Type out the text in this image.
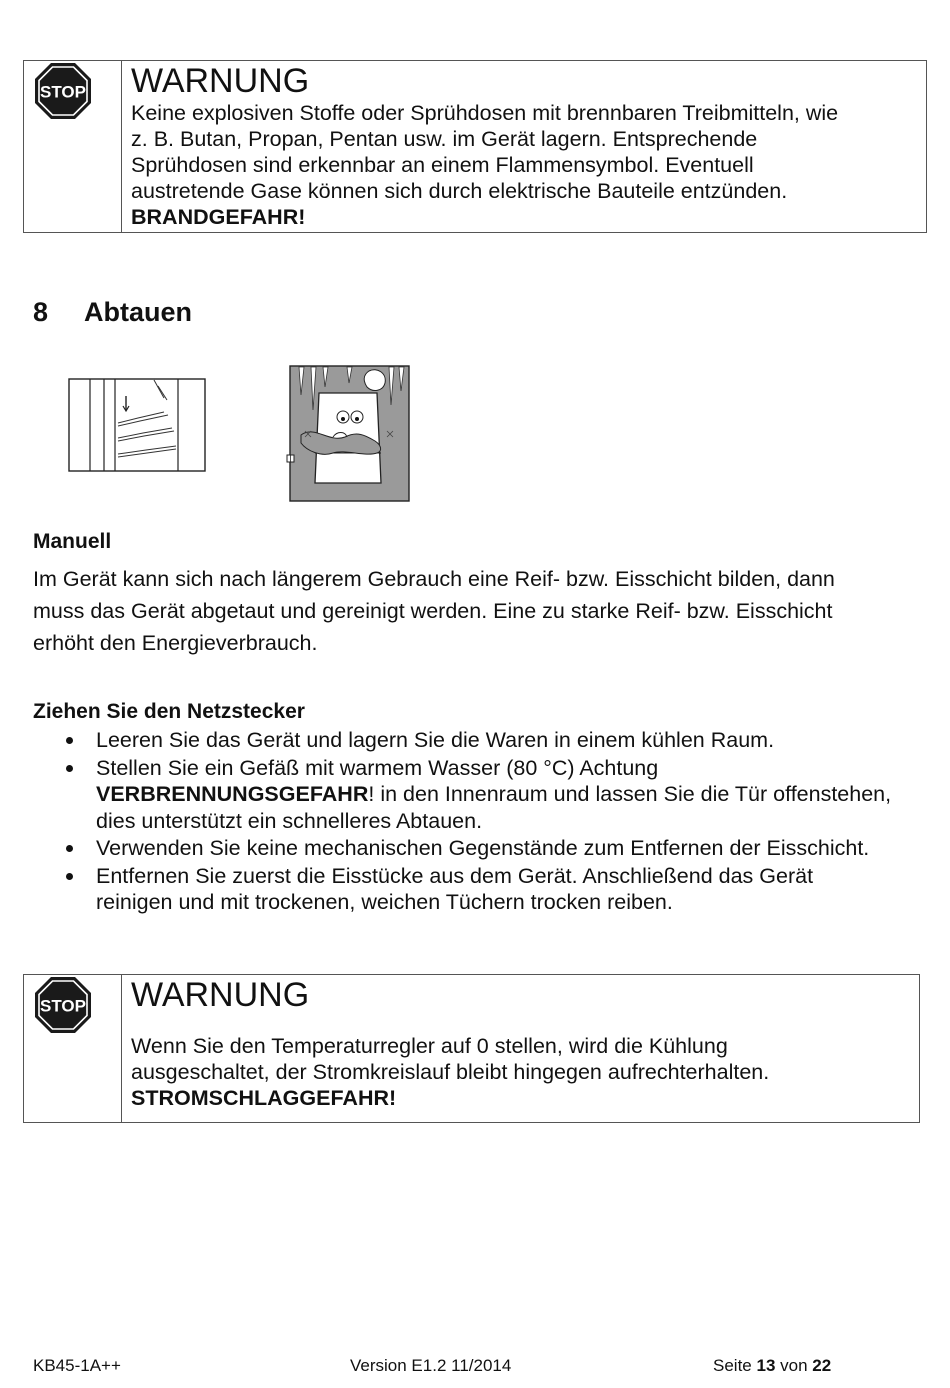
STOP WARNUNG
Keine explosiven Stoffe oder Sprühdosen mit brennbaren Treibmitteln, wie
z. B. Butan, Propan, Pentan usw. im Gerät lagern. Entsprechende
Sprühdosen sind erkennbar an einem Flammensymbol. Eventuell
austretende Gase können sich durch elektrische Bauteile entzünden.
BRANDGEFAHR!
8 Abtauen
Manuell
Im Gerät kann sich nach längerem Gebrauch eine Reif- bzw. Eisschicht bilden, dann
muss das Gerät abgetaut und gereinigt werden. Eine zu starke Reif- bzw. Eisschicht
erhöht den Energieverbrauch.
Ziehen Sie den Netzstecker
Leeren Sie das Gerät und lagern Sie die Waren in einem kühlen Raum.
Stellen Sie ein Gefäß mit warmem Wasser (80 °C) Achtung VERBRENNUNGSGEFAHR! in den Innenraum und lassen Sie die Tür offenstehen, dies unterstützt ein schnelleres Abtauen.
Verwenden Sie keine mechanischen Gegenstände zum Entfernen der Eisschicht.
Entfernen Sie zuerst die Eisstücke aus dem Gerät. Anschließend das Gerät reinigen und mit trockenen, weichen Tüchern trocken reiben.
STOP WARNUNG
Wenn Sie den Temperaturregler auf 0 stellen, wird die Kühlung
ausgeschaltet, der Stromkreislauf bleibt hingegen aufrechterhalten.
STROMSCHLAGGEFAHR!
KB45-1A++	Version E1.2 11/2014	Seite 13 von 22
